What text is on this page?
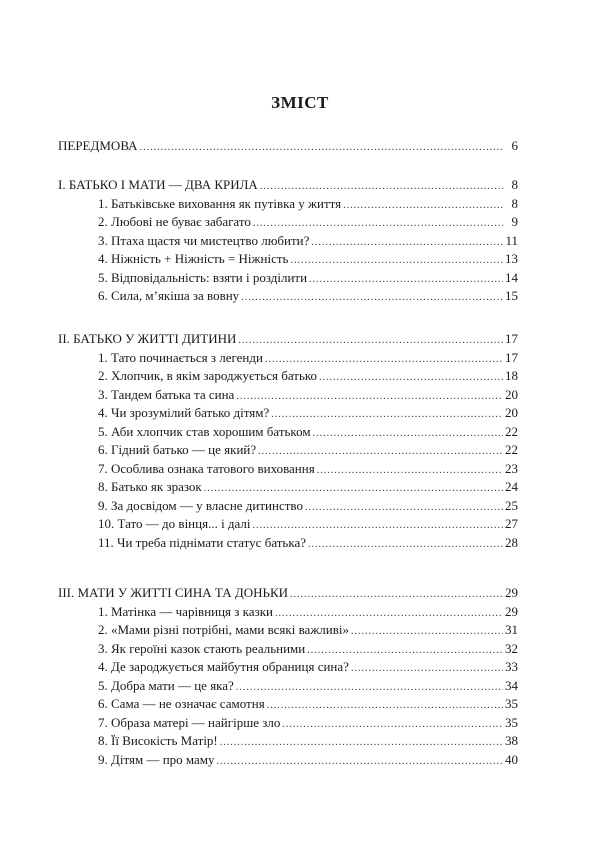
ЗМІСТ
ПЕРЕДМОВА .....	6
І. БАТЬКО І МАТИ — ДВА КРИЛА .....	8
1. Батьківське виховання як путівка у життя .....	8
2. Любові не буває забагато .....	9
3. Птаха щастя чи мистецтво любити? .....	11
4. Ніжність + Ніжність = Ніжність .....	13
5. Відповідальність: взяти і розділити .....	14
6. Сила, м’якіша за вовну .....	15
ІІ. БАТЬКО У ЖИТТІ ДИТИНИ .....	17
1. Тато починається з легенди .....	17
2. Хлопчик, в якім зароджується батько .....	18
3. Тандем батька та сина .....	20
4. Чи зрозумілий батько дітям? .....	20
5. Аби хлопчик став хорошим батьком .....	22
6. Гідний батько — це який? .....	22
7. Особлива ознака татового виховання .....	23
8. Батько як зразок .....	24
9. За досвідом — у власне дитинство .....	25
10. Тато — до вінця... і далі .....	27
11. Чи треба піднімати статус батька? .....	28
ІІІ. МАТИ У ЖИТТІ СИНА ТА ДОНЬКИ .....	29
1. Матінка — чарівниця з казки .....	29
2. «Мами різні потрібні, мами всякі важливі» .....	31
3. Як героїні казок стають реальними .....	32
4. Де зароджується майбутня обраниця сина? .....	33
5. Добра мати — це яка? .....	34
6. Сама — не означає самотня .....	35
7. Образа матері — найгірше зло .....	35
8. Її Високість Матір! .....	38
9. Дітям — про маму .....	40
